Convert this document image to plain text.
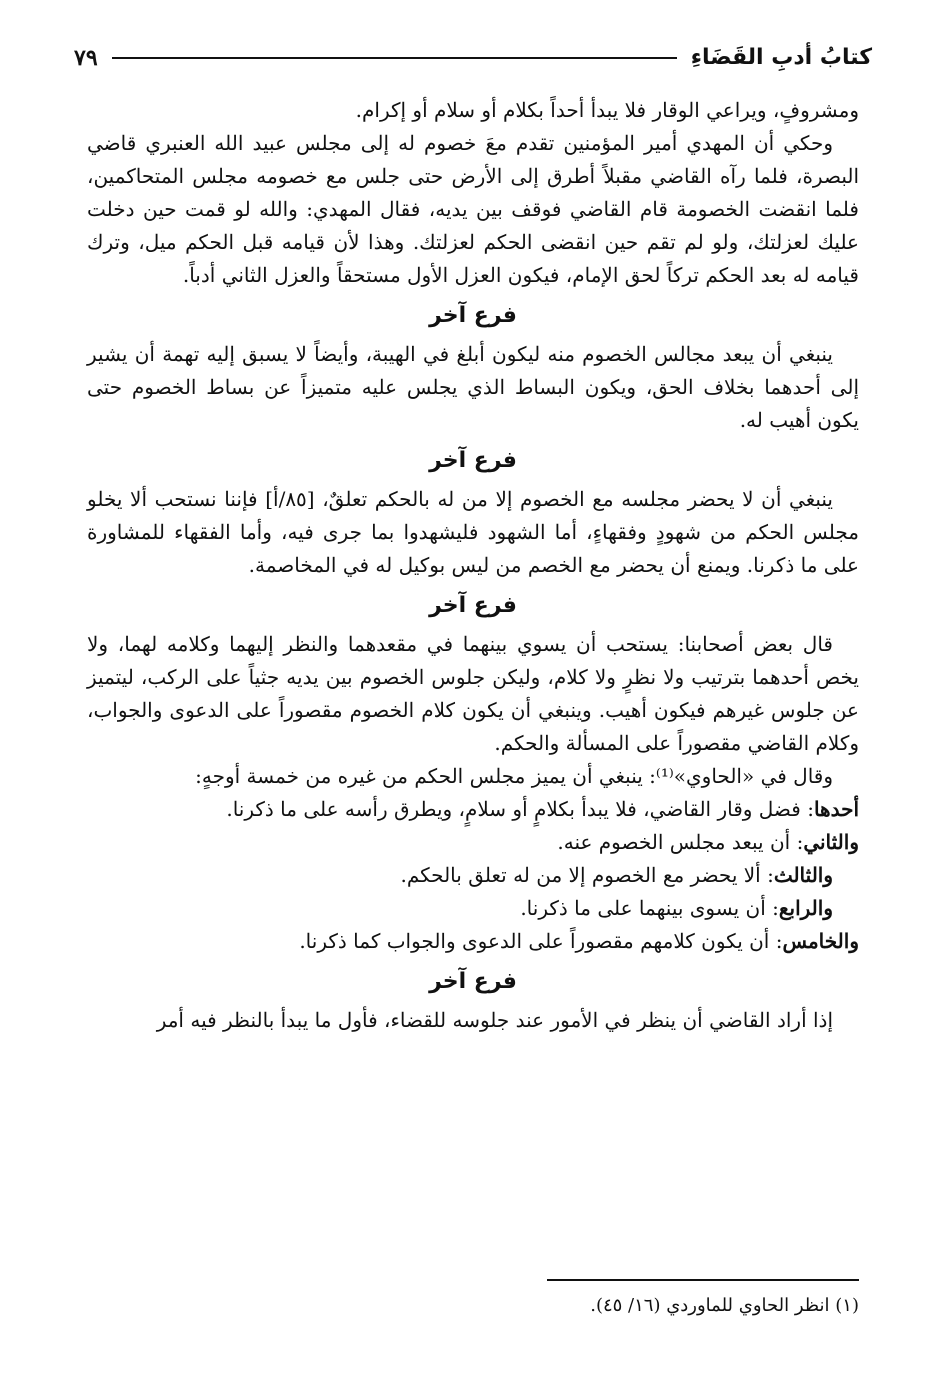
كتابُ أدبِ القَضَاءِ
٧٩

ومشروفٍ، ويراعي الوقار فلا يبدأ أحداً بكلام أو سلام أو إكرام.

وحكي أن المهدي أمير المؤمنين تقدم معَ خصوم له إلى مجلس عبيد الله العنبري قاضي البصرة، فلما رآه القاضي مقبلاً أطرق إلى الأرض حتى جلس مع خصومه مجلس المتحاكمين، فلما انقضت الخصومة قام القاضي فوقف بين يديه، فقال المهدي: والله لو قمت حين دخلت عليك لعزلتك، ولو لم تقم حين انقضى الحكم لعزلتك. وهذا لأن قيامه قبل الحكم ميل، وترك قيامه له بعد الحكم تركاً لحق الإمام، فيكون العزل الأول مستحقاً والعزل الثاني أدباً.

فرع آخر

ينبغي أن يبعد مجالس الخصوم منه ليكون أبلغ في الهيبة، وأيضاً لا يسبق إليه تهمة أن يشير إلى أحدهما بخلاف الحق، ويكون البساط الذي يجلس عليه متميزاً عن بساط الخصوم حتى يكون أهيب له.

فرع آخر

ينبغي أن لا يحضر مجلسه مع الخصوم إلا من له بالحكم تعلقٌ، [٨٥/أ] فإننا نستحب ألا يخلو مجلس الحكم من شهودٍ وفقهاءٍ، أما الشهود فليشهدوا بما جرى فيه، وأما الفقهاء للمشاورة على ما ذكرنا. ويمنع أن يحضر مع الخصم من ليس بوكيل له في المخاصمة.

فرع آخر

قال بعض أصحابنا: يستحب أن يسوي بينهما في مقعدهما والنظر إليهما وكلامه لهما، ولا يخص أحدهما بترتيب ولا نظرٍ ولا كلام، وليكن جلوس الخصوم بين يديه جثياً على الركب، ليتميز عن جلوس غيرهم فيكون أهيب. وينبغي أن يكون كلام الخصوم مقصوراً على الدعوى والجواب، وكلام القاضي مقصوراً على المسألة والحكم.

وقال في «الحاوي»⁽¹⁾: ينبغي أن يميز مجلس الحكم من غيره من خمسة أوجهٍ:

أحدها: فضل وقار القاضي، فلا يبدأ بكلامٍ أو سلامٍ، ويطرق رأسه على ما ذكرنا.

والثاني: أن يبعد مجلس الخصوم عنه.

والثالث: ألا يحضر مع الخصوم إلا من له تعلق بالحكم.

والرابع: أن يسوى بينهما على ما ذكرنا.

والخامس: أن يكون كلامهم مقصوراً على الدعوى والجواب كما ذكرنا.

فرع آخر

إذا أراد القاضي أن ينظر في الأمور عند جلوسه للقضاء، فأول ما يبدأ بالنظر فيه أمر

(١) انظر الحاوي للماوردي (١٦/ ٤٥).
